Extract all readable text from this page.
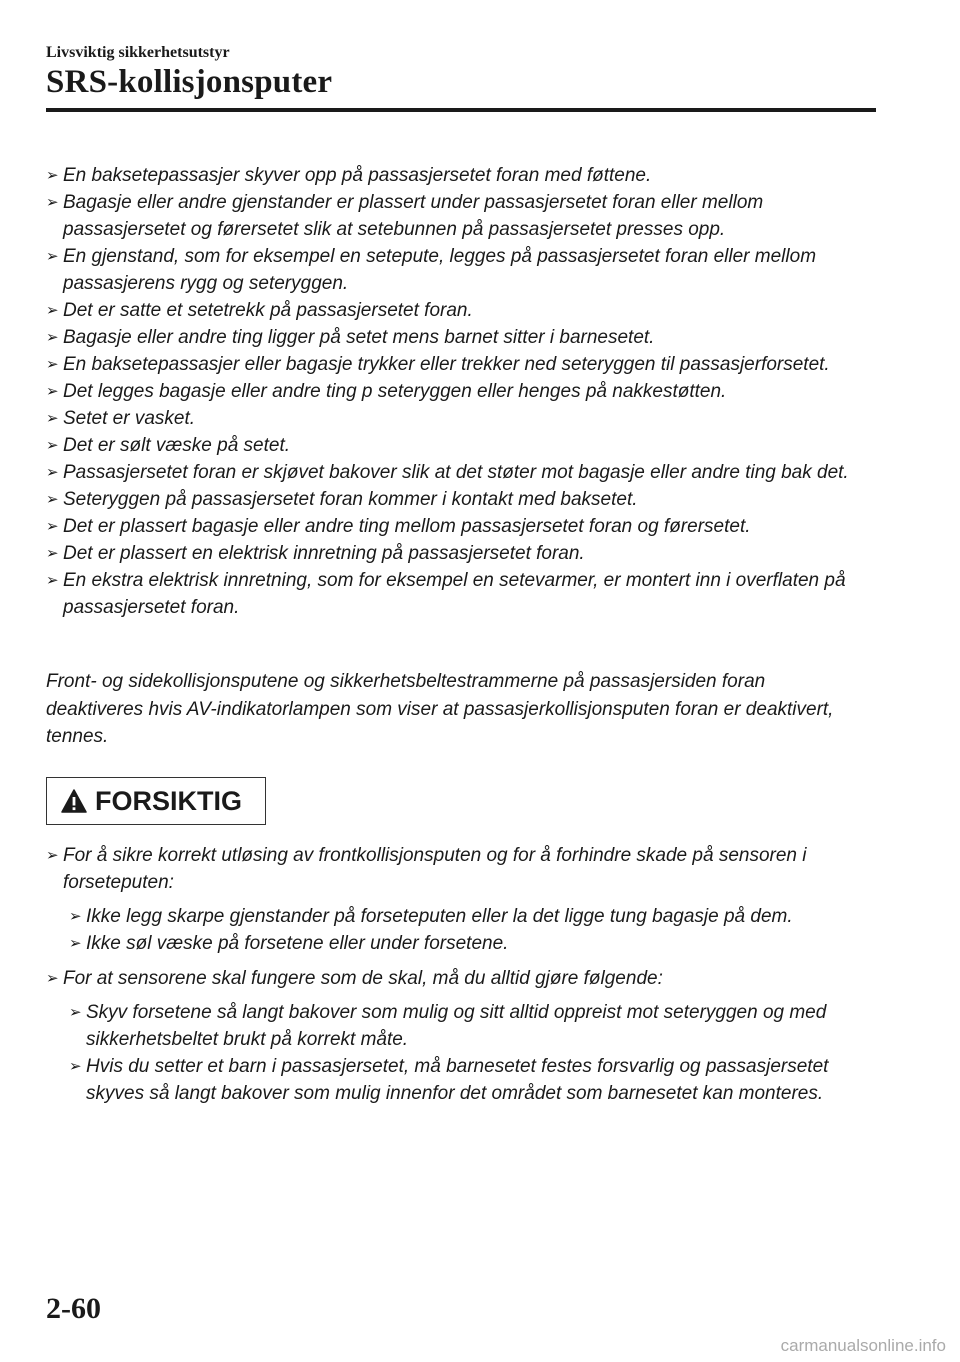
Livsviktig sikkerhetsutstyr
SRS-kollisjonsputer
➢ En baksetepassasjer skyver opp på passasjersetet foran med føttene.
➢ Bagasje eller andre gjenstander er plassert under passasjersetet foran eller mellom passasjersetet og førersetet slik at setebunnen på passasjersetet presses opp.
➢ En gjenstand, som for eksempel en setepute, legges på passasjersetet foran eller mellom passasjerens rygg og seteryggen.
➢ Det er satte et setetrekk på passasjersetet foran.
➢ Bagasje eller andre ting ligger på setet mens barnet sitter i barnesetet.
➢ En baksetepassasjer eller bagasje trykker eller trekker ned seteryggen til passasjerforsetet.
➢ Det legges bagasje eller andre ting p seteryggen eller henges på nakkestøtten.
➢ Setet er vasket.
➢ Det er sølt væske på setet.
➢ Passasjersetet foran er skjøvet bakover slik at det støter mot bagasje eller andre ting bak det.
➢ Seteryggen på passasjersetet foran kommer i kontakt med baksetet.
➢ Det er plassert bagasje eller andre ting mellom passasjersetet foran og førersetet.
➢ Det er plassert en elektrisk innretning på passasjersetet foran.
➢ En ekstra elektrisk innretning, som for eksempel en setevarmer, er montert inn i overflaten på passasjersetet foran.

Front- og sidekollisjonsputene og sikkerhetsbeltestrammerne på passasjersiden foran deaktiveres hvis AV-indikatorlampen som viser at passasjerkollisjonsputen foran er deaktivert, tennes.

FORSIKTIG
➢ For å sikre korrekt utløsing av frontkollisjonsputen og for å forhindre skade på sensoren i forseteputen:
➢ Ikke legg skarpe gjenstander på forseteputen eller la det ligge tung bagasje på dem.
➢ Ikke søl væske på forsetene eller under forsetene.
➢ For at sensorene skal fungere som de skal, må du alltid gjøre følgende:
➢ Skyv forsetene så langt bakover som mulig og sitt alltid oppreist mot seteryggen og med sikkerhetsbeltet brukt på korrekt måte.
➢ Hvis du setter et barn i passasjersetet, må barnesetet festes forsvarlig og passasjersetet skyves så langt bakover som mulig innenfor det området som barnesetet kan monteres.
2-60
carmanualsonline.info
